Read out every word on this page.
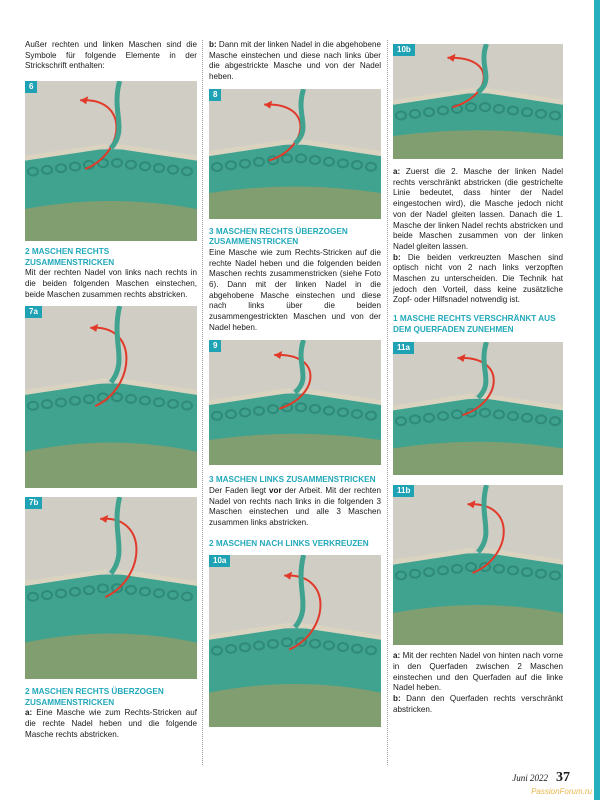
Außer rechten und linken Maschen sind die Symbole für folgende Elemente in der Strickschrift enthalten:

6
2 MASCHEN RECHTS ZUSAMMENSTRICKEN

Mit der rechten Nadel von links nach rechts in die beiden folgenden Maschen einstechen, beide Maschen zusammen rechts abstricken.

7a
7b
2 MASCHEN RECHTS ÜBERZOGEN ZUSAMMENSTRICKEN

a: Eine Masche wie zum Rechts-Stricken auf die rechte Nadel heben und die folgende Masche rechts abstricken.

b: Dann mit der linken Nadel in die abgehobene Masche einstechen und diese nach links über die abgestrickte Masche und von der Nadel heben.

8
3 MASCHEN RECHTS ÜBERZOGEN ZUSAMMENSTRICKEN

Eine Masche wie zum Rechts-Stricken auf die rechte Nadel heben und die folgenden beiden Maschen rechts zusammenstricken (siehe Foto 6). Dann mit der linken Nadel in die abgehobene Masche einstechen und diese nach links über die beiden zusammengestrickten Maschen und von der Nadel heben.

9
3 MASCHEN LINKS ZUSAMMENSTRICKEN

Der Faden liegt vor der Arbeit. Mit der rechten Nadel von rechts nach links in die folgenden 3 Maschen einstechen und alle 3 Maschen zusammen links abstricken.

2 MASCHEN NACH LINKS VERKREUZEN
10a
10b

a: Zuerst die 2. Masche der linken Nadel rechts verschränkt abstricken (die gestrichelte Linie bedeutet, dass hinter der Nadel eingestochen wird), die Masche jedoch nicht von der Nadel gleiten lassen. Danach die 1. Masche der linken Nadel rechts abstricken und beide Maschen zusammen von der linken Nadel gleiten lassen.

b: Die beiden verkreuzten Maschen sind optisch nicht von 2 nach links verzopften Maschen zu unterscheiden. Die Technik hat jedoch den Vorteil, dass keine zusätzliche Zopf- oder Hilfsnadel notwendig ist.

1 MASCHE RECHTS VERSCHRÄNKT AUS DEM QUERFADEN ZUNEHMEN
11a
11b

a: Mit der rechten Nadel von hinten nach vorne in den Querfaden zwischen 2 Maschen einstechen und den Querfaden auf die linke Nadel heben.

b: Dann den Querfaden rechts verschränkt abstricken.

Juni 2022 37
PassionForum.ru
